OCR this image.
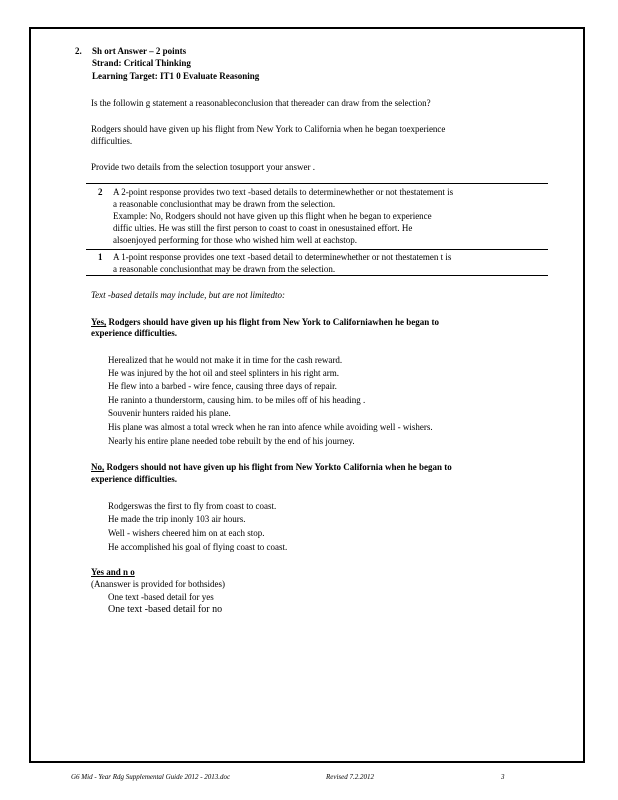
2. Sh ort Answer – 2 points
Strand: Critical Thinking
Learning Target: IT1 0 Evaluate Reasoning
Is the followin g statement a reasonableconclusion that thereader can draw from the selection?
Rodgers should have given up his flight from New York to California when he began toexperience
difficulties.
Provide two details from the selection tosupport your answer .
2 A 2-point response provides two text -based details to determinewhether or not thestatement is
a reasonable conclusionthat may be drawn from the selection.
Example: No, Rodgers should not have given up this flight when he began to experience
diffic ulties. He was still the first person to coast to coast in onesustained effort. He
alsoenjoyed performing for those who wished him well at eachstop.
1 A 1-point response provides one text -based detail to determinewhether or not thestatemen t is
a reasonable conclusionthat may be drawn from the selection.
Text -based details may include, but are not limitedto:
Yes, Rodgers should have given up his flight from New York to Californiawhen he began to
experience difficulties.
Herealized that he would not make it in time for the cash reward.
He was injured by the hot oil and steel splinters in his right arm.
He flew into a barbed - wire fence, causing three days of repair.
He raninto a thunderstorm, causing him. to be miles off of his heading .
Souvenir hunters raided his plane.
His plane was almost a total wreck when he ran into afence while avoiding well - wishers.
Nearly his entire plane needed tobe rebuilt by the end of his journey.
No, Rodgers should not have given up his flight from New Yorkto California when he began to
experience difficulties.
Rodgerswas the first to fly from coast to coast.
He made the trip inonly 103 air hours.
Well - wishers cheered him on at each stop.
He accomplished his goal of flying coast to coast.
Yes and n o
(Ananswer is provided for bothsides)
One text -based detail for yes
One text -based detail for no
G6 Mid - Year Rdg Supplemental Guide 2012 - 2013.doc	Revised 7.2.2012	3
